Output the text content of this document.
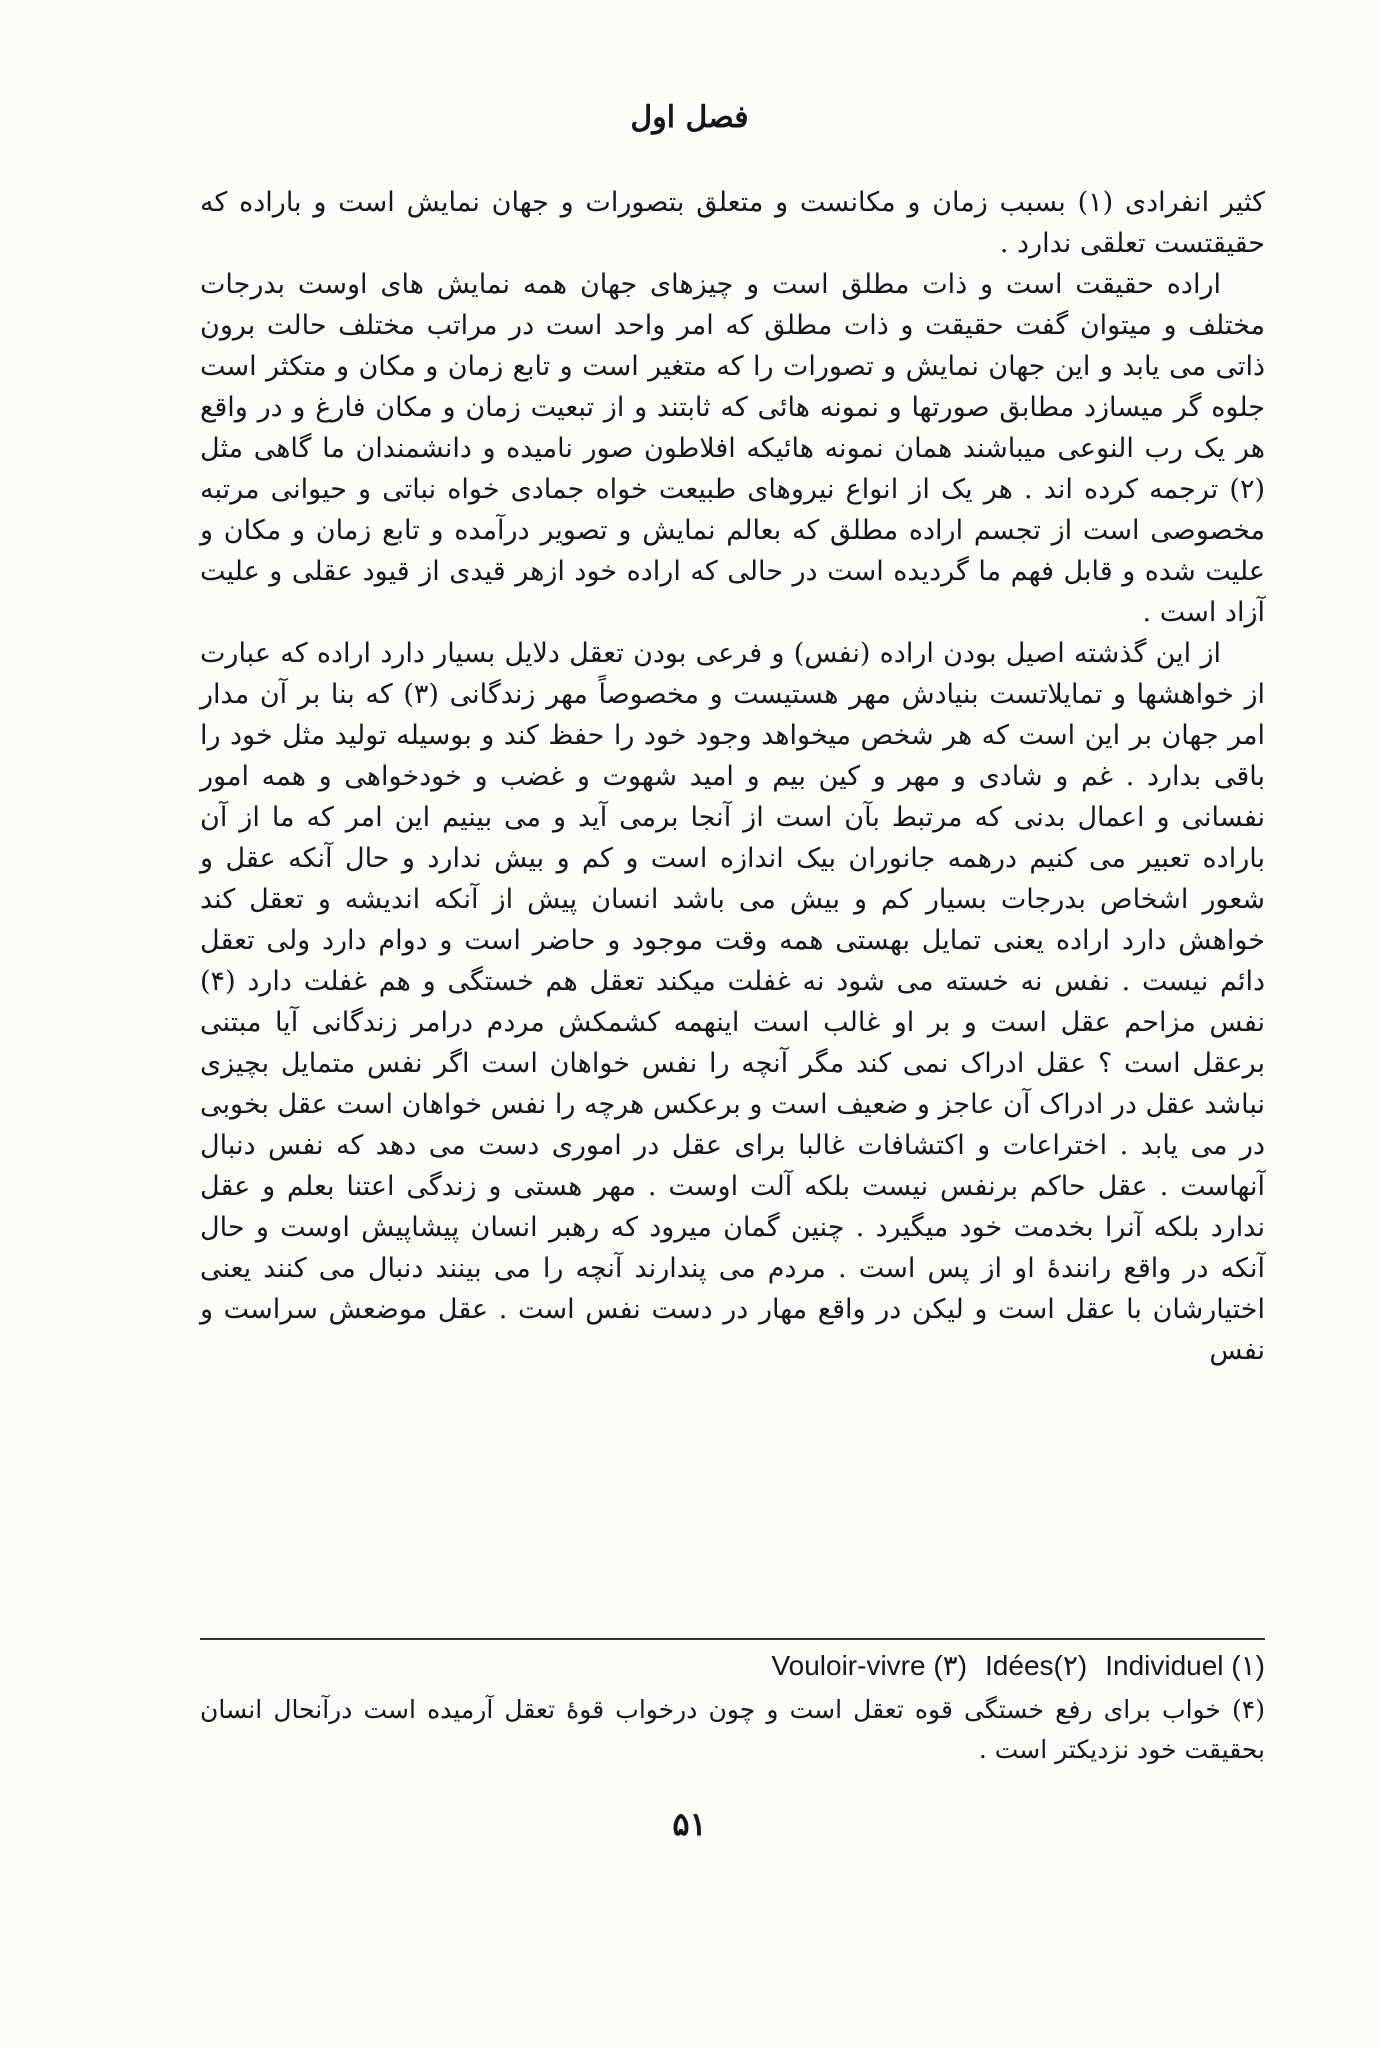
فصل اول

کثیر انفرادی (۱) بسبب زمان و مکانست و متعلق بتصورات و جهان نمایش است و باراده که حقیقتست تعلقی ندارد .

اراده حقیقت است و ذات مطلق است و چیزهای جهان همه نمایش های اوست بدرجات مختلف و میتوان گفت حقیقت و ذات مطلق که امر واحد است در مراتب مختلف حالت برون ذاتی می یابد و این جهان نمایش و تصورات را که متغیر است و تابع زمان و مکان و متکثر است جلوه گر میسازد مطابق صورتها و نمونه هائی که ثابتند و از تبعیت زمان و مکان فارغ و در واقع هر یک رب النوعی میباشند همان نمونه هائیکه افلاطون صور نامیده و دانشمندان ما گاهی مثل (۲) ترجمه کرده اند . هر یک از انواع نیروهای طبیعت خواه جمادی خواه نباتی و حیوانی مرتبه مخصوصی است از تجسم اراده مطلق که بعالم نمایش و تصویر درآمده و تابع زمان و مکان و علیت شده و قابل فهم ما گردیده است در حالی که اراده خود ازهر قیدی از قیود عقلی و علیت آزاد است .

از این گذشته اصیل بودن اراده (نفس) و فرعی بودن تعقل دلایل بسیار دارد اراده که عبارت از خواهشها و تمایلاتست بنیادش مهر هستیست و مخصوصاً مهر زندگانی (۳) که بنا بر آن مدار امر جهان بر این است که هر شخص میخواهد وجود خود را حفظ کند و بوسیله تولید مثل خود را باقی بدارد . غم و شادی و مهر و کین بیم و امید شهوت و غضب و خودخواهی و همه امور نفسانی و اعمال بدنی که مرتبط بآن است از آنجا برمی آید و می بینیم این امر که ما از آن باراده تعبیر می کنیم درهمه جانوران بیک اندازه است و کم و بیش ندارد و حال آنکه عقل و شعور اشخاص بدرجات بسیار کم و بیش می باشد انسان پیش از آنکه اندیشه و تعقل کند خواهش دارد اراده یعنی تمایل بهستی همه وقت موجود و حاضر است و دوام دارد ولی تعقل دائم نیست . نفس نه خسته می شود نه غفلت میکند تعقل هم خستگی و هم غفلت دارد (۴) نفس مزاحم عقل است و بر او غالب است اینهمه کشمکش مردم درامر زندگانی آیا مبتنی برعقل است ؟ عقل ادراک نمی کند مگر آنچه را نفس خواهان است اگر نفس متمایل بچیزی نباشد عقل در ادراک آن عاجز و ضعیف است و برعکس هرچه را نفس خواهان است عقل بخوبی در می یابد . اختراعات و اکتشافات غالبا برای عقل در اموری دست می دهد که نفس دنبال آنهاست . عقل حاکم برنفس نیست بلکه آلت اوست . مهر هستی و زندگی اعتنا بعلم و عقل ندارد بلکه آنرا بخدمت خود میگیرد . چنین گمان میرود که رهبر انسان پیشاپیش اوست و حال آنکه در واقع رانندهٔ او از پس است . مردم می پندارند آنچه را می بینند دنبال می کنند یعنی اختیارشان با عقل است و لیکن در واقع مهار در دست نفس است . عقل موضعش سراست و نفس

Vouloir-vivre (۳) Idées(۲) Individuel (۱)
(۴) خواب برای رفع خستگی قوه تعقل است و چون درخواب قوهٔ تعقل آرمیده است درآنحال انسان بحقیقت خود نزدیکتر است .
۵۱
